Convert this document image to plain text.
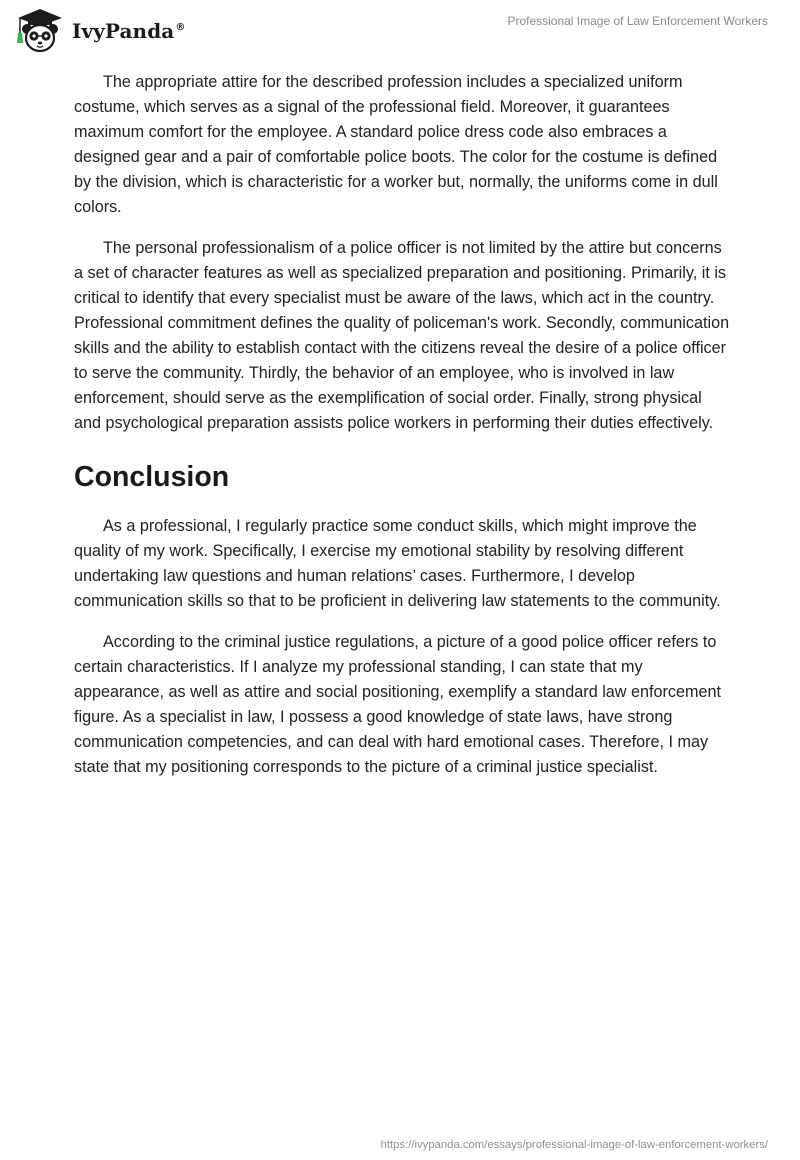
IvyPanda®	Professional Image of Law Enforcement Workers

The appropriate attire for the described profession includes a specialized uniform costume, which serves as a signal of the professional field. Moreover, it guarantees maximum comfort for the employee. A standard police dress code also embraces a designed gear and a pair of comfortable police boots. The color for the costume is defined by the division, which is characteristic for a worker but, normally, the uniforms come in dull colors.

The personal professionalism of a police officer is not limited by the attire but concerns a set of character features as well as specialized preparation and positioning. Primarily, it is critical to identify that every specialist must be aware of the laws, which act in the country. Professional commitment defines the quality of policeman's work. Secondly, communication skills and the ability to establish contact with the citizens reveal the desire of a police officer to serve the community. Thirdly, the behavior of an employee, who is involved in law enforcement, should serve as the exemplification of social order. Finally, strong physical and psychological preparation assists police workers in performing their duties effectively.

Conclusion

As a professional, I regularly practice some conduct skills, which might improve the quality of my work. Specifically, I exercise my emotional stability by resolving different undertaking law questions and human relations’ cases. Furthermore, I develop communication skills so that to be proficient in delivering law statements to the community.

According to the criminal justice regulations, a picture of a good police officer refers to certain characteristics. If I analyze my professional standing, I can state that my appearance, as well as attire and social positioning, exemplify a standard law enforcement figure. As a specialist in law, I possess a good knowledge of state laws, have strong communication competencies, and can deal with hard emotional cases. Therefore, I may state that my positioning corresponds to the picture of a criminal justice specialist.

https://ivypanda.com/essays/professional-image-of-law-enforcement-workers/
